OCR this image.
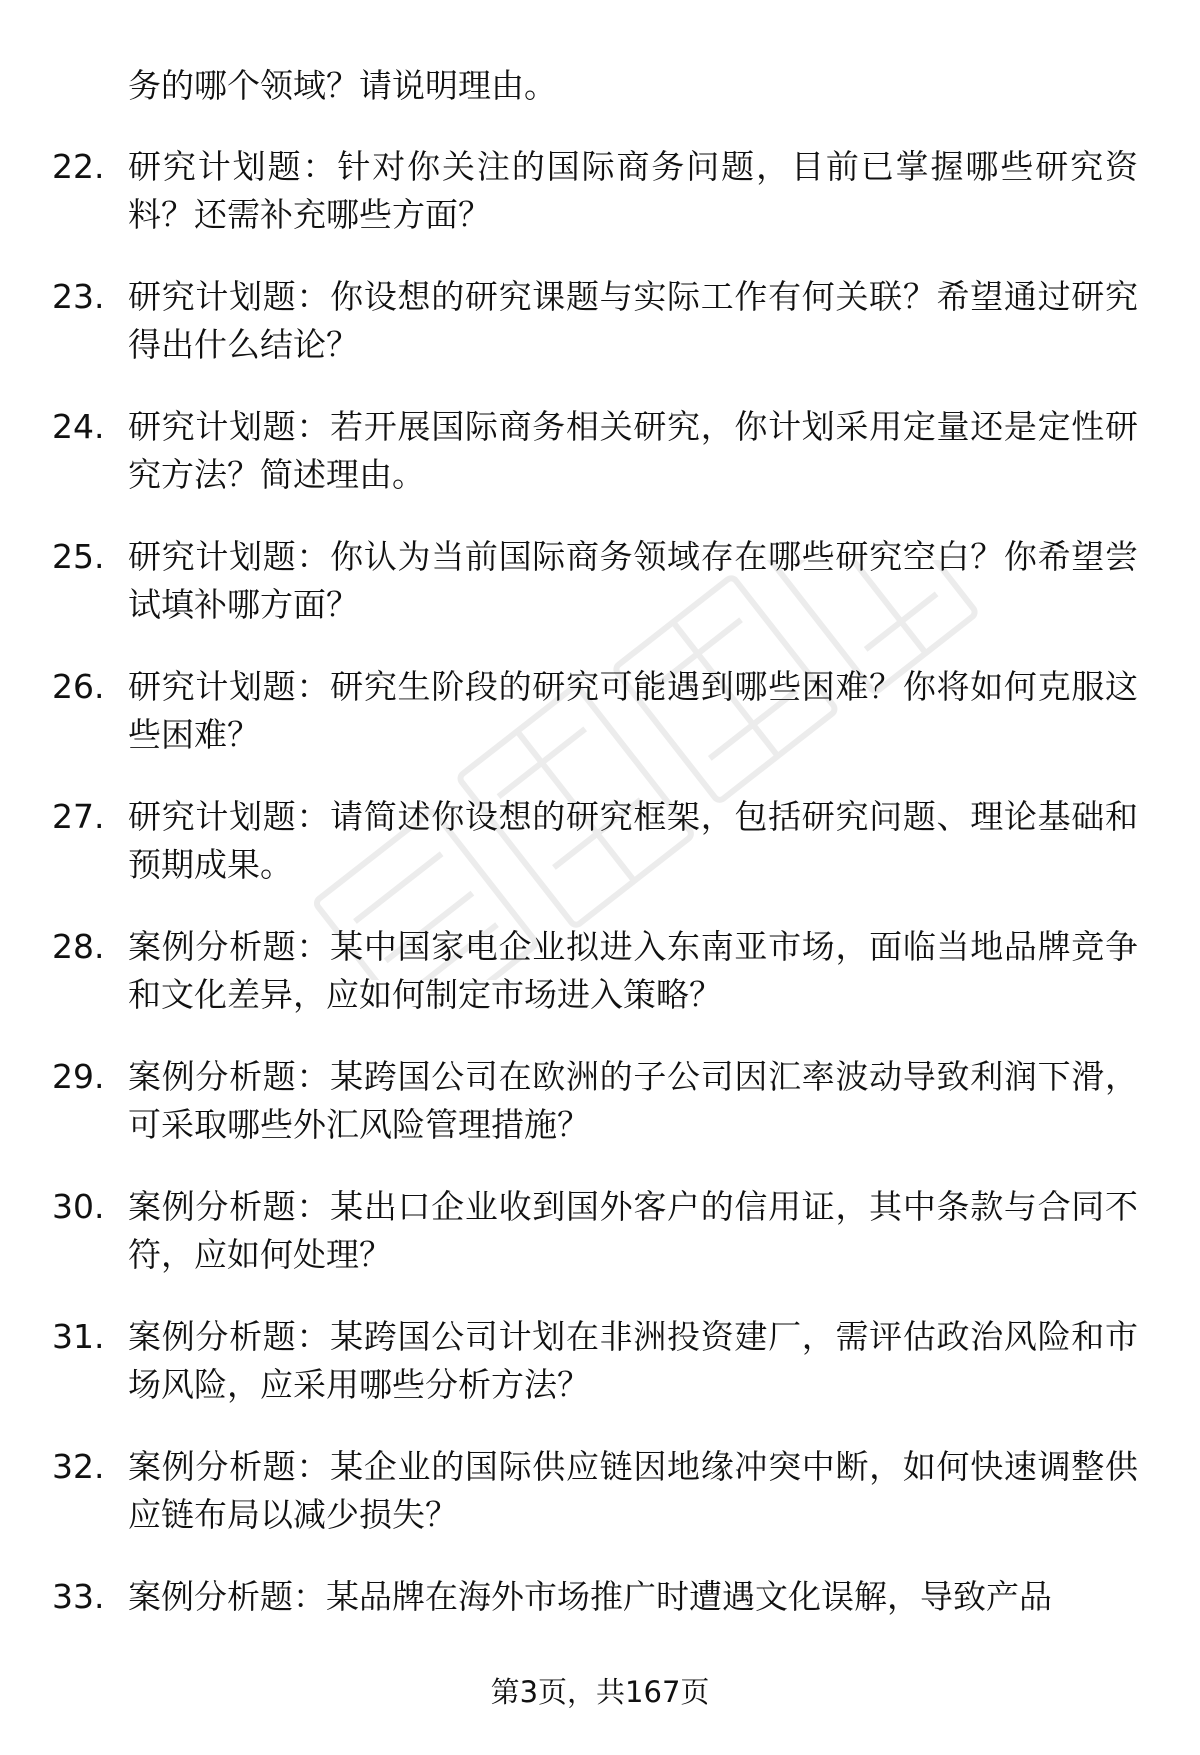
务的哪个领域？请说明理由。

22. 研究计划题：针对你关注的国际商务问题，目前已掌握哪些研究资料？还需补充哪些方面？
23. 研究计划题：你设想的研究课题与实际工作有何关联？希望通过研究得出什么结论？
24. 研究计划题：若开展国际商务相关研究，你计划采用定量还是定性研究方法？简述理由。
25. 研究计划题：你认为当前国际商务领域存在哪些研究空白？你希望尝试填补哪方面？
26. 研究计划题：研究生阶段的研究可能遇到哪些困难？你将如何克服这些困难？
27. 研究计划题：请简述你设想的研究框架，包括研究问题、理论基础和预期成果。
28. 案例分析题：某中国家电企业拟进入东南亚市场，面临当地品牌竞争和文化差异，应如何制定市场进入策略？
29. 案例分析题：某跨国公司在欧洲的子公司因汇率波动导致利润下滑，可采取哪些外汇风险管理措施？
30. 案例分析题：某出口企业收到国外客户的信用证，其中条款与合同不符，应如何处理？
31. 案例分析题：某跨国公司计划在非洲投资建厂，需评估政治风险和市场风险，应采用哪些分析方法？
32. 案例分析题：某企业的国际供应链因地缘冲突中断，如何快速调整供应链布局以减少损失？
33. 案例分析题：某品牌在海外市场推广时遭遇文化误解，导致产品
第3页，共167页
